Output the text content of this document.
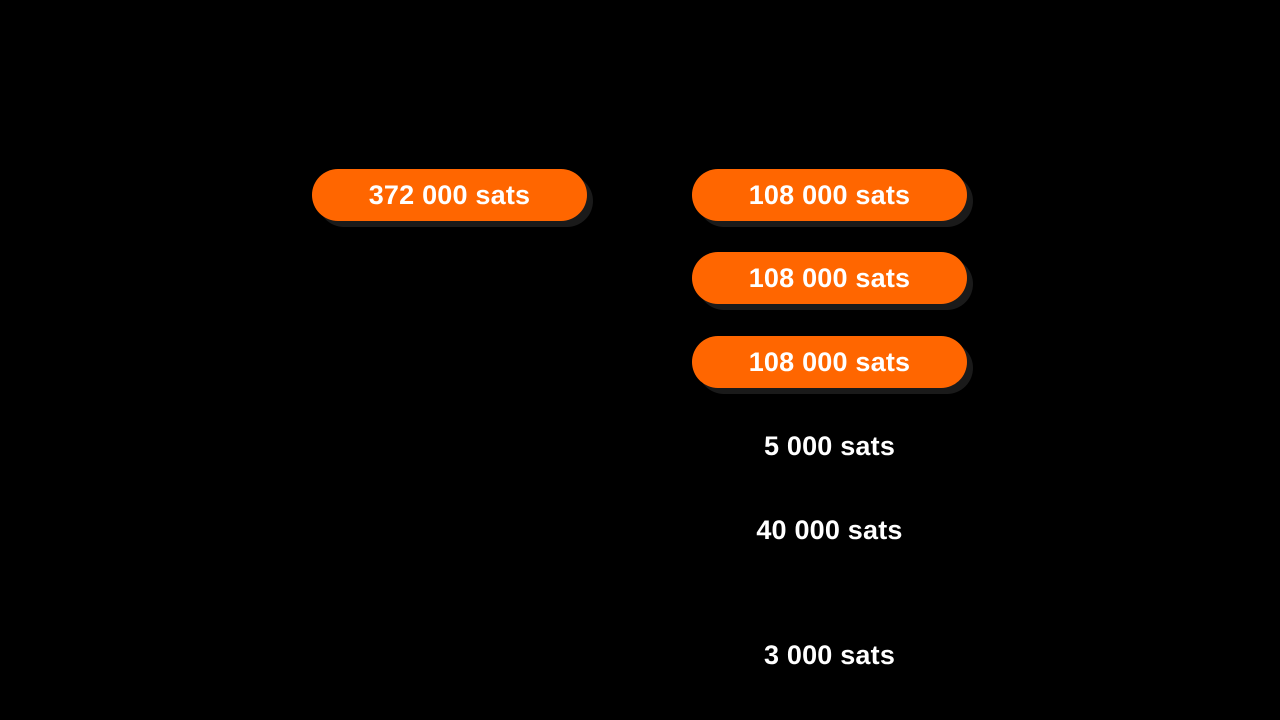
372 000 sats	108 000 sats
108 000 sats
108 000 sats
5 000 sats
40 000 sats
3 000 sats
